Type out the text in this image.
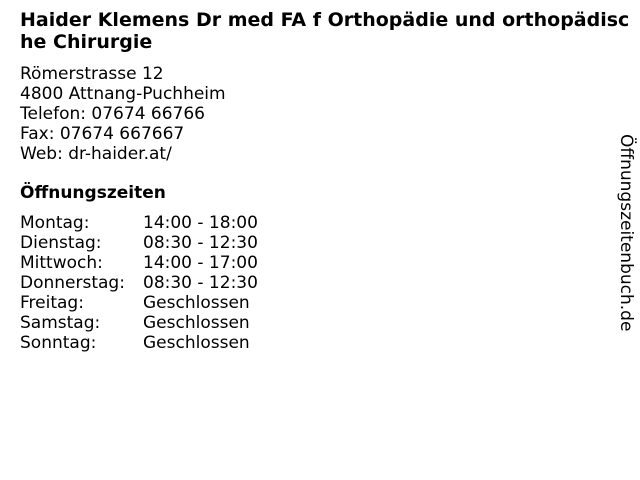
Haider Klemens Dr med FA f Orthopädie und orthopädische Chirurgie
Römerstrasse 12
4800 Attnang-Puchheim
Telefon: 07674 66766
Fax: 07674 667667
Web: dr-haider.at/
Öffnungszeiten
Montag:	14:00 - 18:00
Dienstag:	08:30 - 12:30
Mittwoch:	14:00 - 17:00
Donnerstag:	08:30 - 12:30
Freitag:	Geschlossen
Samstag:	Geschlossen
Sonntag:	Geschlossen
Öffnungszeitenbuch.de
